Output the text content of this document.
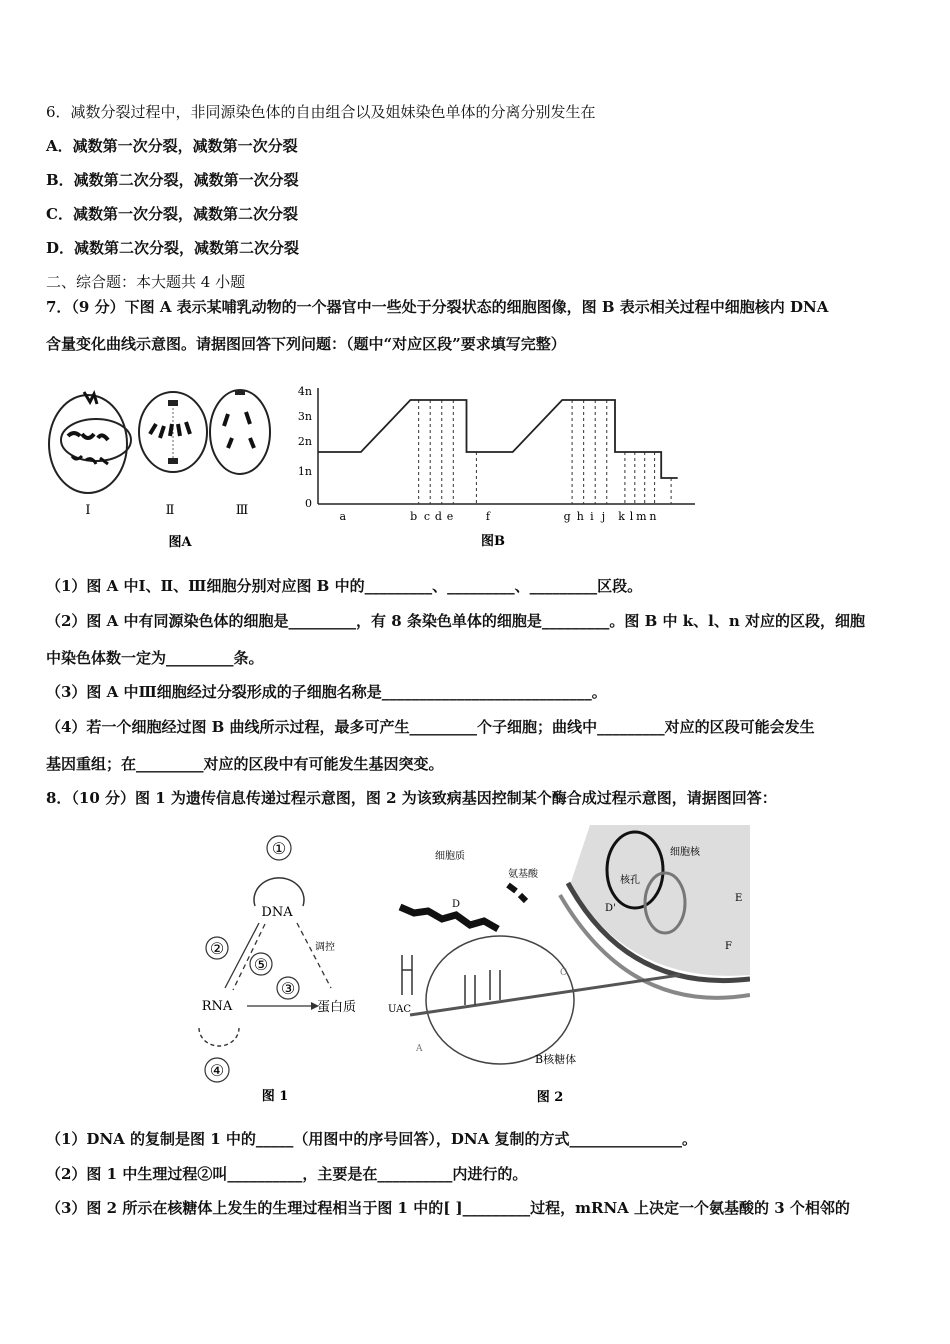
6．减数分裂过程中，非同源染色体的自由组合以及姐妹染色单体的分离分别发生在
A．减数第一次分裂，减数第一次分裂
B．减数第二次分裂，减数第一次分裂
C．减数第一次分裂，减数第二次分裂
D．减数第二次分裂，减数第二次分裂
二、综合题：本大题共 4 小题
7．（9 分）下图 A 表示某哺乳动物的一个器官中一些处于分裂状态的细胞图像，图 B 表示相关过程中细胞核内 DNA
含量变化曲线示意图。请据图回答下列问题：（题中“对应区段”要求填写完整）
Ⅰ	Ⅱ	Ⅲ
图A
4n
3n
2n
1n
0
a	b c d e	f	g h i j k l m n
图B
（1）图 A 中Ⅰ、Ⅱ、Ⅲ细胞分别对应图 B 中的_________、_________、_________区段。
（2）图 A 中有同源染色体的细胞是_________，有 8 条染色单体的细胞是_________。图 B 中 k、l、n 对应的区段，细胞
中染色体数一定为_________条。
（3）图 A 中Ⅲ细胞经过分裂形成的子细胞名称是____________________________。
（4）若一个细胞经过图 B 曲线所示过程，最多可产生_________个子细胞；曲线中_________对应的区段可能会发生
基因重组；在_________对应的区段中有可能发生基因突变。
8．（10 分）图 1 为遗传信息传递过程示意图，图 2 为该致病基因控制某个酶合成过程示意图，请据图回答：
①
DNA
调控
②
⑤
③
RNA	蛋白质
④
图 1
细胞质
氨基酸
细胞核
核孔
D
E
F
D'
UAC
C
A
B核糖体
图 2
（1）DNA 的复制是图 1 中的_____（用图中的序号回答），DNA 复制的方式_______________。
（2）图 1 中生理过程②叫__________，主要是在__________内进行的。
（3）图 2 所示在核糖体上发生的生理过程相当于图 1 中的[ ]_________过程，mRNA 上决定一个氨基酸的 3 个相邻的
